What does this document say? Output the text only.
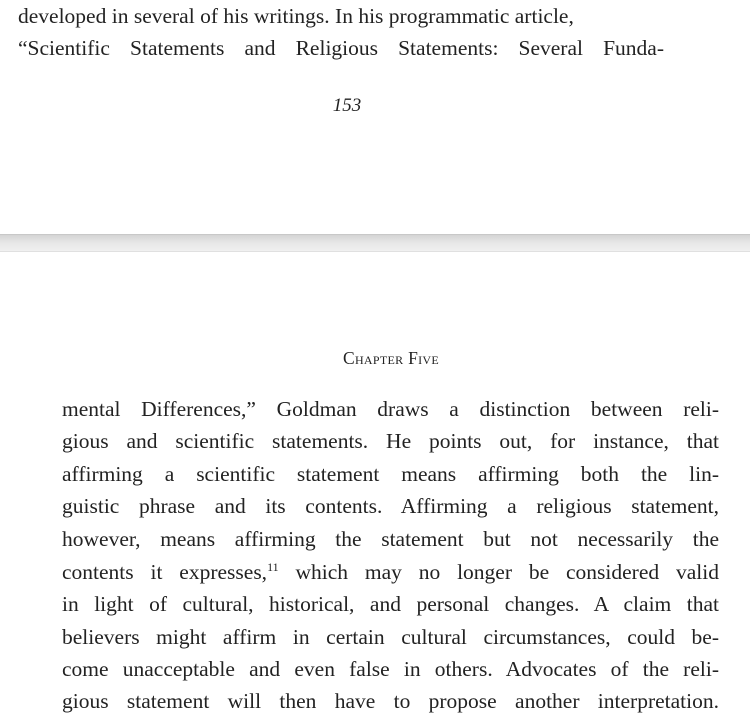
developed in several of his writings. In his programmatic article,
“Scientific Statements and Religious Statements: Several Funda-
153
Chapter Five
mental Differences,” Goldman draws a distinction between reli-
gious and scientific statements. He points out, for instance, that
affirming a scientific statement means affirming both the lin-
guistic phrase and its contents. Affirming a religious statement,
however, means affirming the statement but not necessarily the
contents it expresses,$^{11}$ which may no longer be considered valid
in light of cultural, historical, and personal changes. A claim that
believers might affirm in certain cultural circumstances, could be-
come unacceptable and even false in others. Advocates of the reli-
gious statement will then have to propose another interpretation.
